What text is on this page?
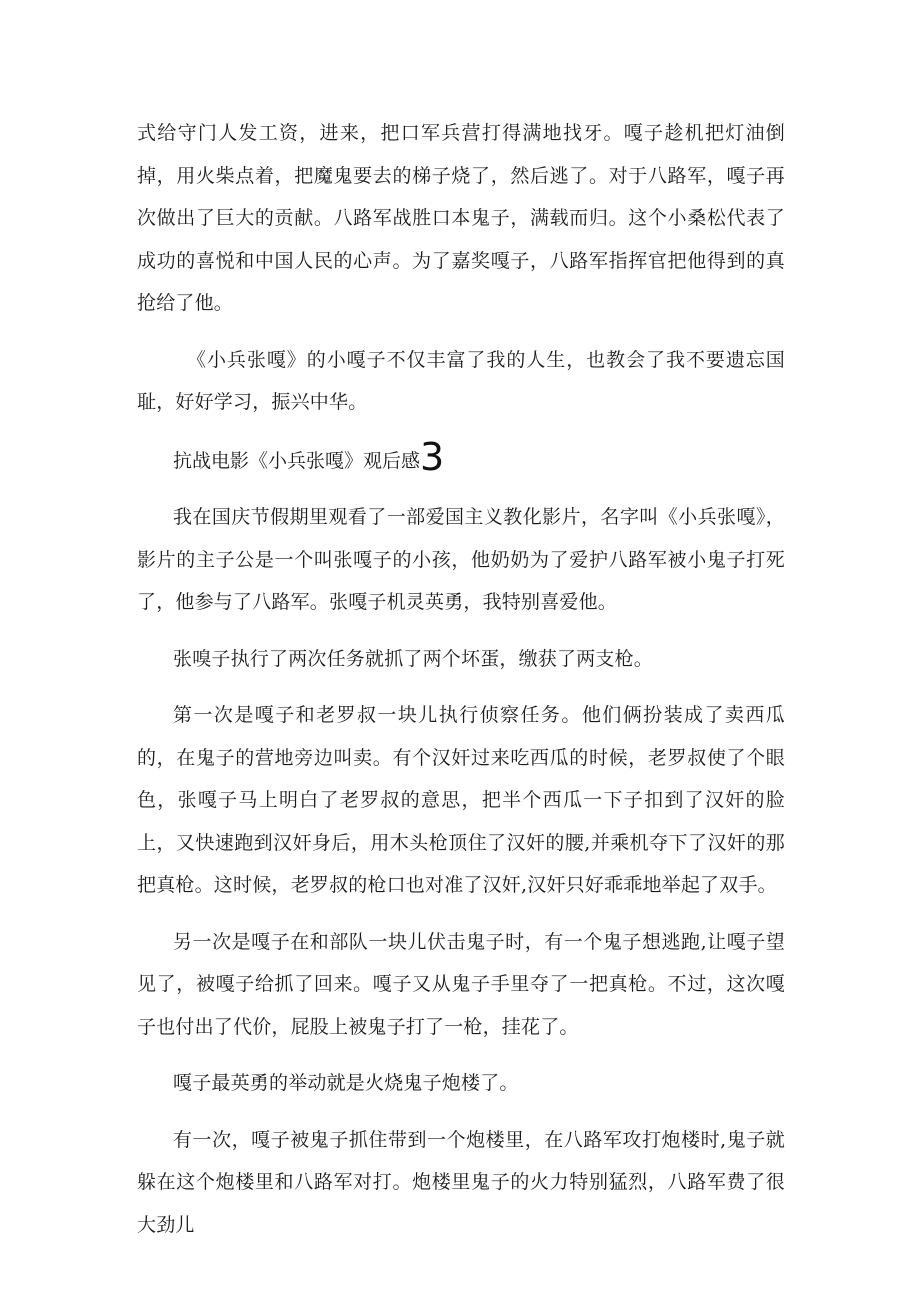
式给守门人发工资，进来，把口军兵营打得满地找牙。嘎子趁机把灯油倒掉，用火柴点着，把魔鬼要去的梯子烧了，然后逃了。对于八路军，嘎子再次做出了巨大的贡献。八路军战胜口本鬼子，满载而归。这个小桑松代表了成功的喜悦和中国人民的心声。为了嘉奖嘎子，八路军指挥官把他得到的真抢给了他。

《小兵张嘎》的小嘎子不仅丰富了我的人生，也教会了我不要遗忘国耻，好好学习，振兴中华。

抗战电影《小兵张嘎》观后感3

我在国庆节假期里观看了一部爱国主义教化影片，名字叫《小兵张嘎》，影片的主子公是一个叫张嘎子的小孩，他奶奶为了爱护八路军被小鬼子打死了，他参与了八路军。张嘎子机灵英勇，我特别喜爱他。

张嗅子执行了两次任务就抓了两个坏蛋，缴获了两支枪。

第一次是嘎子和老罗叔一块儿执行侦察任务。他们俩扮装成了卖西瓜的，在鬼子的营地旁边叫卖。有个汉奸过来吃西瓜的时候，老罗叔使了个眼色，张嘎子马上明白了老罗叔的意思，把半个西瓜一下子扣到了汉奸的脸上，又快速跑到汉奸身后，用木头枪顶住了汉奸的腰,并乘机夺下了汉奸的那把真枪。这时候，老罗叔的枪口也对准了汉奸,汉奸只好乖乖地举起了双手。

另一次是嘎子在和部队一块儿伏击鬼子时，有一个鬼子想逃跑,让嘎子望见了，被嘎子给抓了回来。嘎子又从鬼子手里夺了一把真枪。不过，这次嘎子也付出了代价，屁股上被鬼子打了一枪，挂花了。

嘎子最英勇的举动就是火烧鬼子炮楼了。

有一次，嘎子被鬼子抓住带到一个炮楼里，在八路军攻打炮楼时,鬼子就躲在这个炮楼里和八路军对打。炮楼里鬼子的火力特别猛烈，八路军费了很大劲儿
